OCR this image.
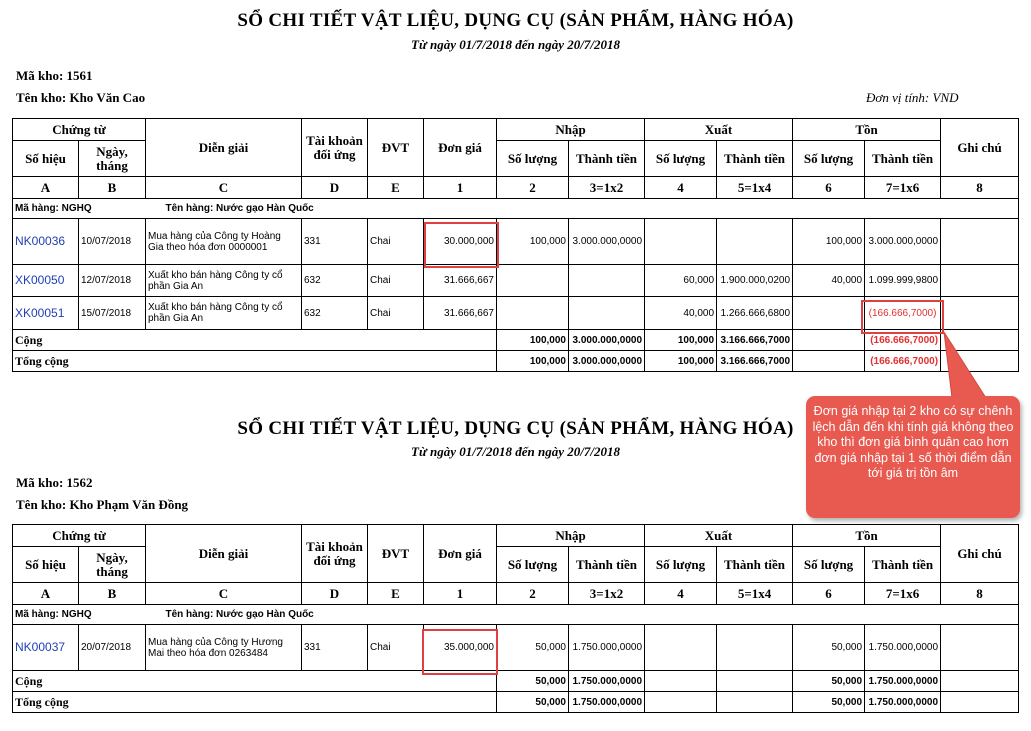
SỔ CHI TIẾT VẬT LIỆU, DỤNG CỤ (SẢN PHẨM, HÀNG HÓA)
Từ ngày 01/7/2018 đến ngày 20/7/2018
Mã kho: 1561
Tên kho: Kho Văn Cao	Đơn vị tính: VND
Chứng từ		Diễn giải	Tài khoản đối ứng	ĐVT	Đơn giá	Nhập		Xuất		Tồn		Ghi chú
Số hiệu	Ngày, tháng					Số lượng	Thành tiền	Số lượng	Thành tiền	Số lượng	Thành tiền	
A	B	C	D	E	1	2	3=1x2	4	5=1x4	6	7=1x6	8
Mã hàng: NGHQ Tên hàng: Nước gạo Hàn Quốc												

NK00036	10/07/2018	Mua hàng của Công ty Hoàng Gia theo hóa đơn 0000001	331	Chai	30.000,000	100,000	3.000.000,0000			100,000	3.000.000,0000	
XK00050	12/07/2018	Xuất kho bán hàng Công ty cổ phần Gia An	632	Chai	31.666,667			60,000	1.900.000,0200	40,000	1.099.999,9800	
XK00051	15/07/2018	Xuất kho bán hàng Công ty cổ phần Gia An	632	Chai	31.666,667			40,000	1.266.666,6800		(166.666,7000)	
Cộng						100,000	3.000.000,0000	100,000	3.166.666,7000		(166.666,7000)	
Tổng cộng						100,000	3.000.000,0000	100,000	3.166.666,7000		(166.666,7000)	
SỔ CHI TIẾT VẬT LIỆU, DỤNG CỤ (SẢN PHẨM, HÀNG HÓA)
Từ ngày 01/7/2018 đến ngày 20/7/2018
Mã kho: 1562
Tên kho: Kho Phạm Văn Đồng
Chứng từ		Diễn giải	Tài khoản đối ứng	ĐVT	Đơn giá	Nhập		Xuất		Tồn		Ghi chú
Số hiệu	Ngày, tháng					Số lượng	Thành tiền	Số lượng	Thành tiền	Số lượng	Thành tiền	
A	B	C	D	E	1	2	3=1x2	4	5=1x4	6	7=1x6	8
Mã hàng: NGHQ Tên hàng: Nước gạo Hàn Quốc												

NK00037	20/07/2018	Mua hàng của Công ty Hương Mai theo hóa đơn 0263484	331	Chai	35.000,000	50,000	1.750.000,0000			50,000	1.750.000,0000	
Cộng						50,000	1.750.000,0000			50,000	1.750.000,0000	
Tổng cộng						50,000	1.750.000,0000			50,000	1.750.000,0000	
Đơn giá nhập tại 2 kho có sự chênh lệch dẫn đến khi tính giá không theo kho thì đơn giá bình quân cao hơn đơn giá nhập tại 1 số thời điểm dẫn tới giá trị tồn âm
